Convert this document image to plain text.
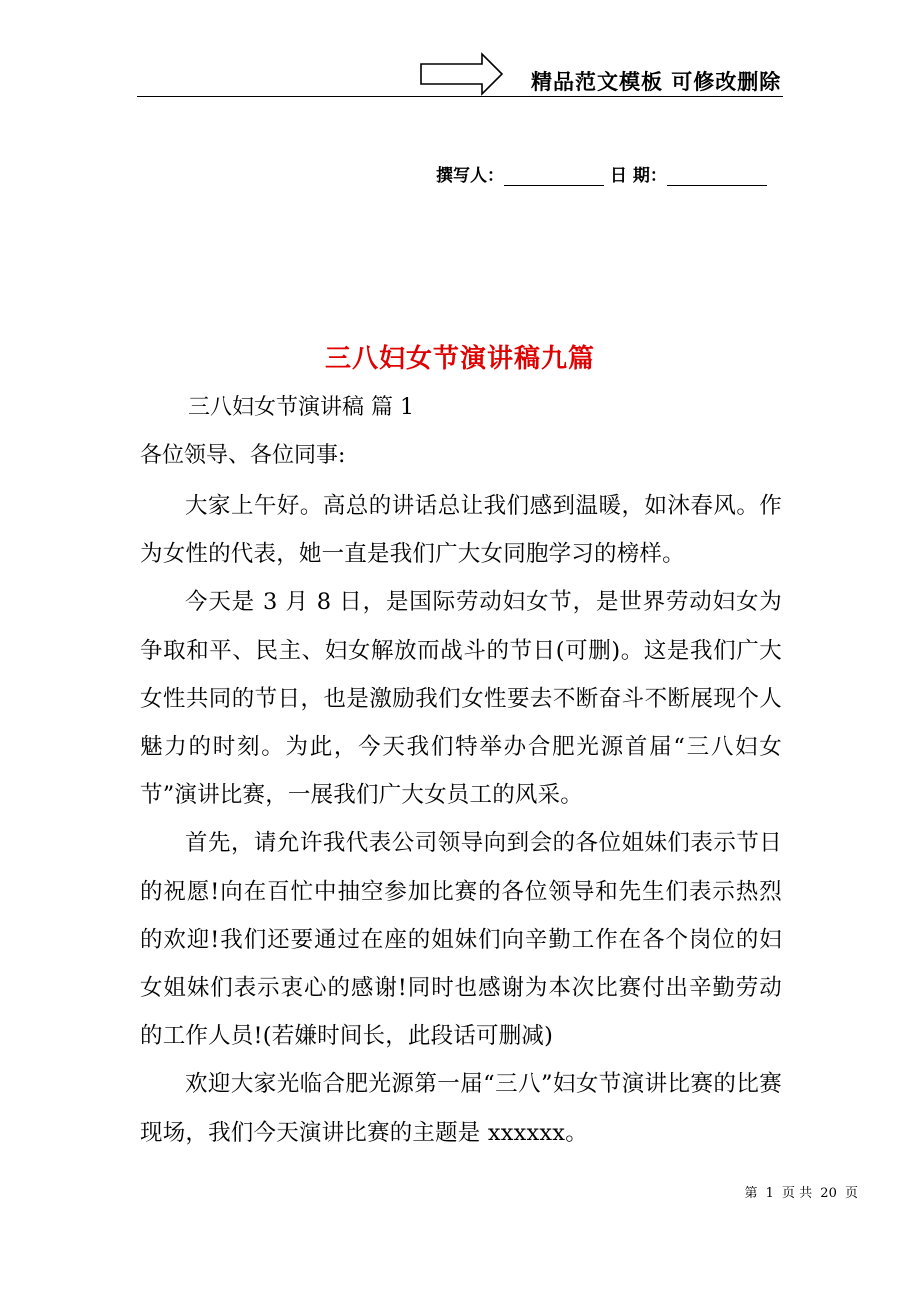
精品范文模板 可修改删除
撰写人：	日 期：
三八妇女节演讲稿九篇
三八妇女节演讲稿 篇 1
各位领导、各位同事:

大家上午好。高总的讲话总让我们感到温暖，如沐春风。作为女性的代表，她一直是我们广大女同胞学习的榜样。

今天是 3 月 8 日，是国际劳动妇女节，是世界劳动妇女为争取和平、民主、妇女解放而战斗的节日(可删)。这是我们广大女性共同的节日，也是激励我们女性要去不断奋斗不断展现个人魅力的时刻。为此，今天我们特举办合肥光源首届“三八妇女节”演讲比赛，一展我们广大女员工的风采。

首先，请允许我代表公司领导向到会的各位姐妹们表示节日的祝愿!向在百忙中抽空参加比赛的各位领导和先生们表示热烈的欢迎!我们还要通过在座的姐妹们向辛勤工作在各个岗位的妇女姐妹们表示衷心的感谢!同时也感谢为本次比赛付出辛勤劳动的工作人员!(若嫌时间长，此段话可删减)

欢迎大家光临合肥光源第一届“三八”妇女节演讲比赛的比赛现场，我们今天演讲比赛的主题是 xxxxxx。

第 1 页 共 20 页
